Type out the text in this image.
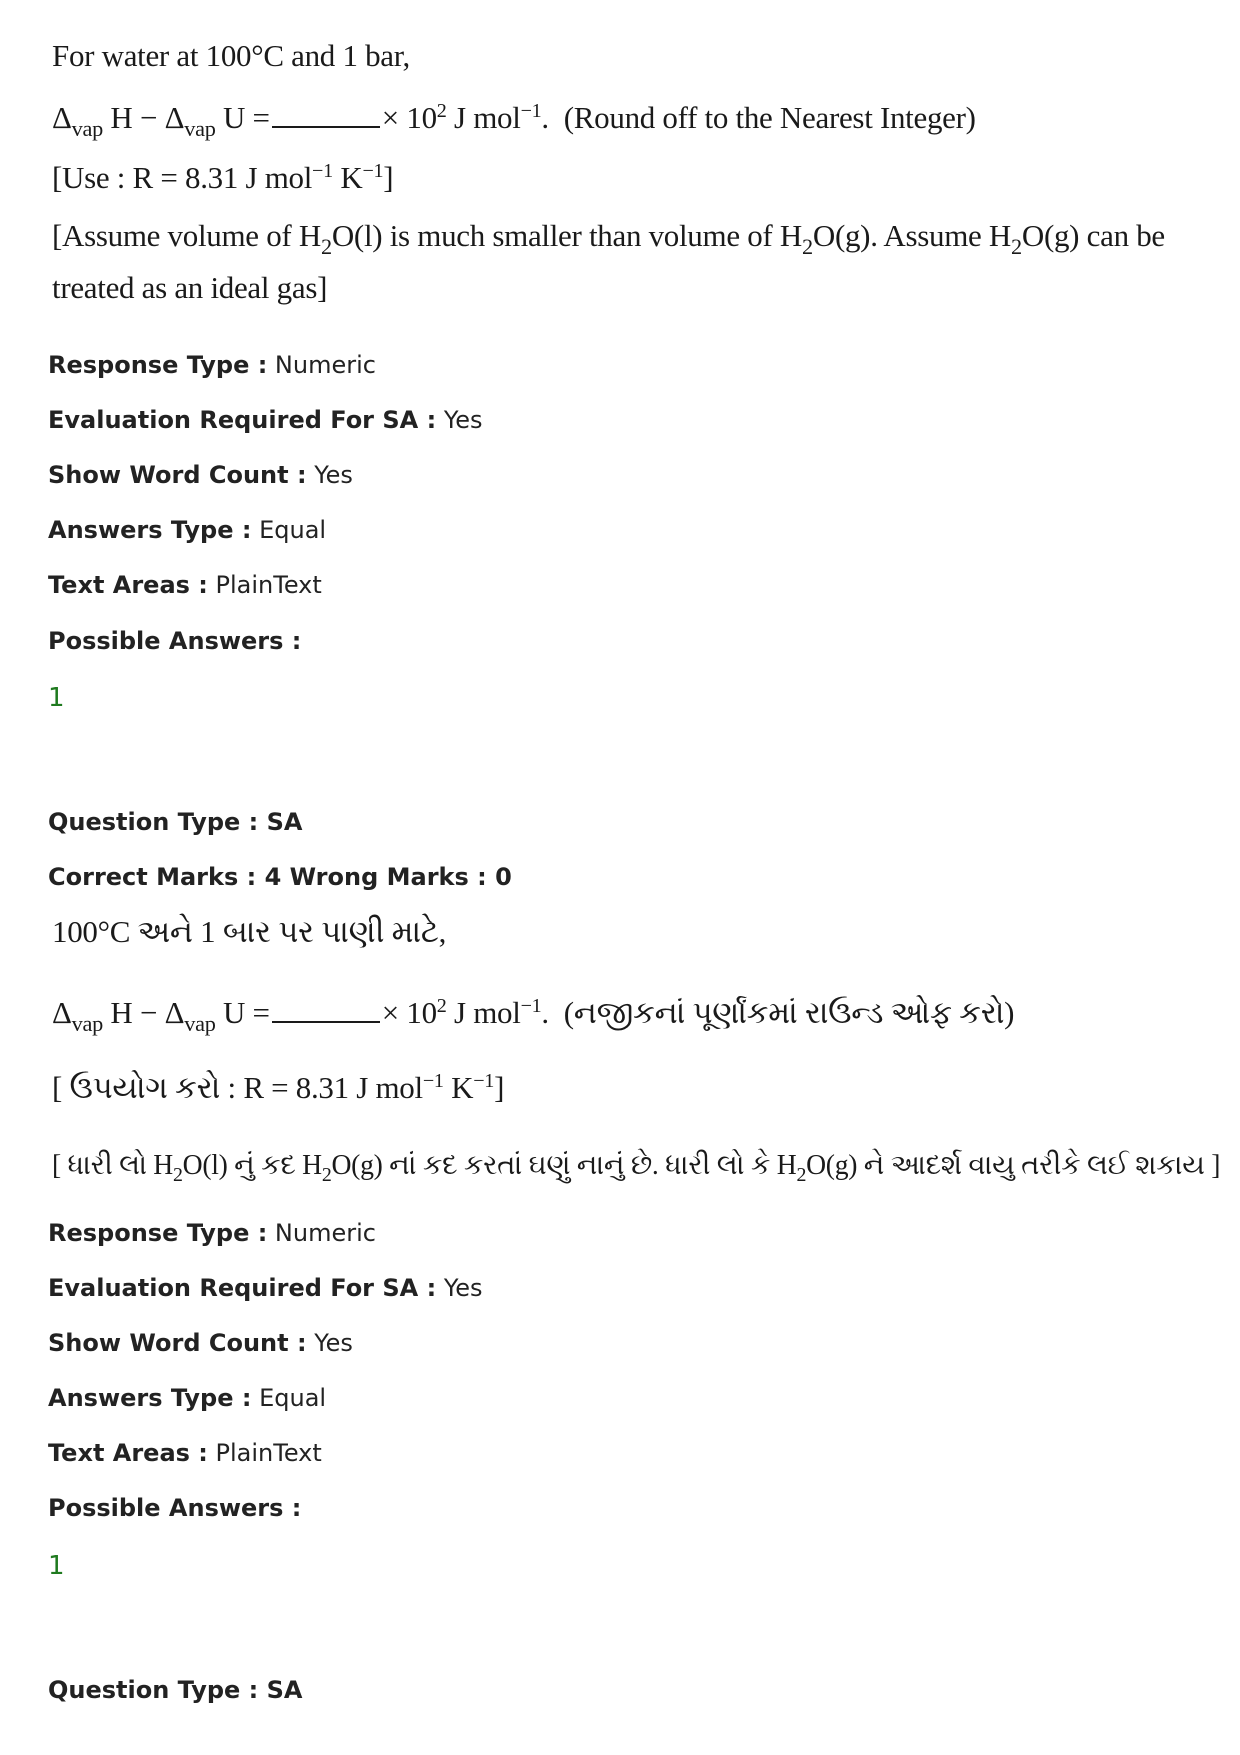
For water at 100°C and 1 bar,
$\Delta_{vap}$ $H - \Delta_{vap}$ U =	× $10^2$ J mol$^{-1}$. (Round off to the Nearest Integer)
[Use : R = 8.31 J mol$^{-1}$ $K^{-1}$]
[Assume volume of $H_2O(l)$ is much smaller than volume of $H_2O(g)$. Assume $H_2O(g)$ can be
treated as an ideal gas]
Response Type : Numeric
Evaluation Required For SA : Yes
Show Word Count : Yes
Answers Type : Equal
Text Areas : PlainText
Possible Answers :
1
Question Type : SA
Correct Marks : 4 Wrong Marks : 0
100°C અને 1 બાર પર પાણી માટે,
$\Delta_{vap}$ $H - \Delta_{vap}$ U =	× $10^2$ J mol$^{-1}$. (નજીકનાં પૂર્ણાંકમાં રાઉન્ડ ઓફ કરો)
[ ઉપયોગ કરો : R = 8.31 J mol$^{-1}$ $K^{-1}$]
[ ધારી લો $H_2O(l)$ નું કદ $H_2O(g)$ નાં કદ કરતાં ઘણું નાનું છે. ધારી લો કે $H_2O(g)$ ને આદર્શ વાયુ તરીકે લઈ શકાય ]
Response Type : Numeric
Evaluation Required For SA : Yes
Show Word Count : Yes
Answers Type : Equal
Text Areas : PlainText
Possible Answers :
1
Question Type : SA
